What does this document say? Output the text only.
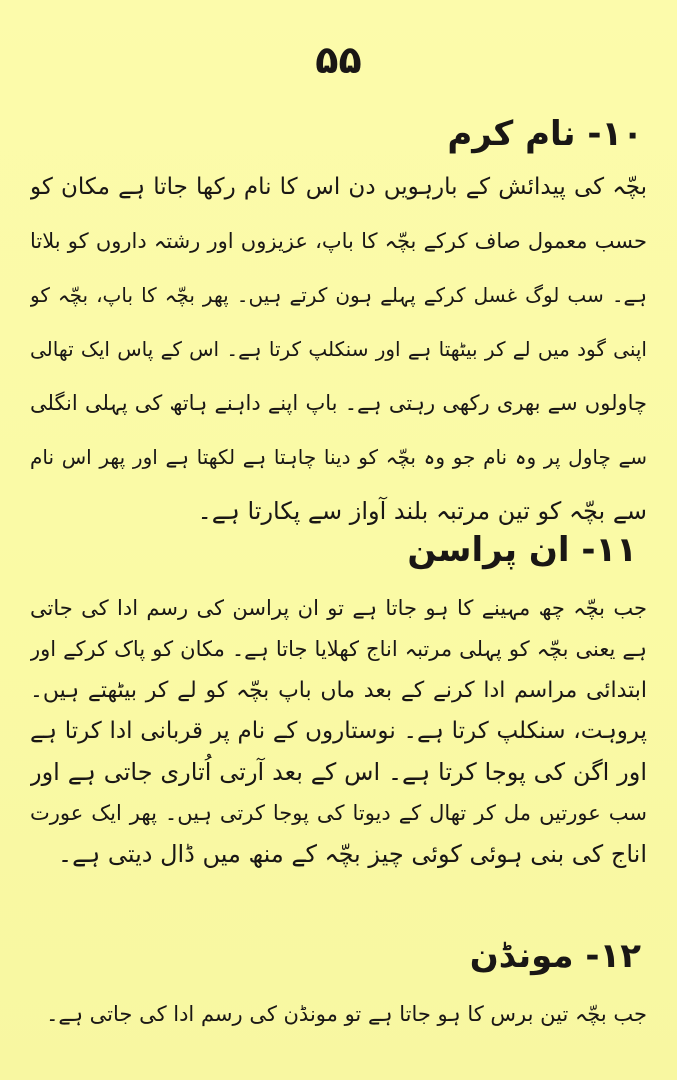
۵۵
۱۰- نام کرم
بچّہ کی پیدائش کے بارہویں دن اس کا نام رکھا جاتا ہے مکان کو
حسب معمول صاف کرکے بچّہ کا باپ، عزیزوں اور رشتہ داروں کو بلاتا
ہے۔ سب لوگ غسل کرکے پہلے ہون کرتے ہیں۔ پھر بچّہ کا باپ، بچّہ کو
اپنی گود میں لے کر بیٹھتا ہے اور سنکلپ کرتا ہے۔ اس کے پاس ایک تھالی
چاولوں سے بھری رکھی رہتی ہے۔ باپ اپنے داہنے ہاتھ کی پہلی انگلی
سے چاول پر وہ نام جو وہ بچّہ کو دینا چاہتا ہے لکھتا ہے اور پھر اس نام
سے بچّہ کو تین مرتبہ بلند آواز سے پکارتا ہے۔
۱۱- ان پراسن
جب بچّہ چھ مہینے کا ہو جاتا ہے تو ان پراسن کی رسم ادا کی جاتی
ہے یعنی بچّہ کو پہلی مرتبہ اناج کھلایا جاتا ہے۔ مکان کو پاک کرکے اور
ابتدائی مراسم ادا کرنے کے بعد ماں باپ بچّہ کو لے کر بیٹھتے ہیں۔
پروہت، سنکلپ کرتا ہے۔ نوستاروں کے نام پر قربانی ادا کرتا ہے
اور اگن کی پوجا کرتا ہے۔ اس کے بعد آرتی اُتاری جاتی ہے اور
سب عورتیں مل کر تھال کے دیوتا کی پوجا کرتی ہیں۔ پھر ایک عورت
اناج کی بنی ہوئی کوئی چیز بچّہ کے منھ میں ڈال دیتی ہے۔
۱۲- مونڈن
جب بچّہ تین برس کا ہو جاتا ہے تو مونڈن کی رسم ادا کی جاتی ہے۔
